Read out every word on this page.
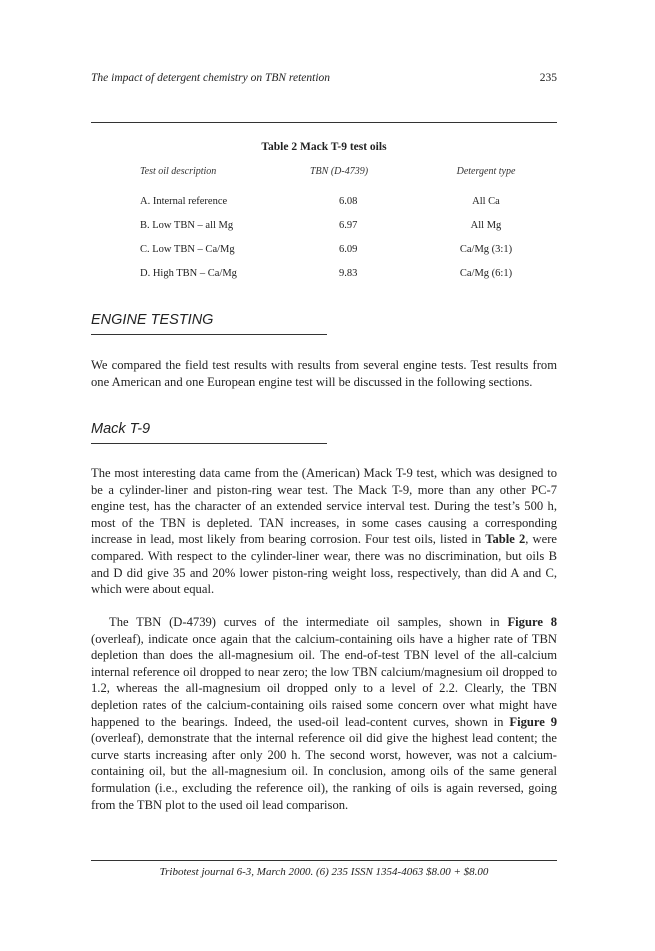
The impact of detergent chemistry on TBN retention	235
Table 2 Mack T-9 test oils
Test oil description	TBN (D-4739)	Detergent type
A. Internal reference	6.08	All Ca
B. Low TBN – all Mg	6.97	All Mg
C. Low TBN – Ca/Mg	6.09	Ca/Mg (3:1)
D. High TBN – Ca/Mg	9.83	Ca/Mg (6:1)
ENGINE TESTING

We compared the field test results with results from several engine tests. Test results from one American and one European engine test will be discussed in the following sections.

Mack T-9

The most interesting data came from the (American) Mack T-9 test, which was designed to be a cylinder-liner and piston-ring wear test. The Mack T-9, more than any other PC-7 engine test, has the character of an extended service interval test. During the test’s 500 h, most of the TBN is depleted. TAN increases, in some cases causing a corresponding increase in lead, most likely from bearing corrosion. Four test oils, listed in Table 2, were compared. With respect to the cylinder-liner wear, there was no discrimination, but oils B and D did give 35 and 20% lower piston-ring weight loss, respectively, than did A and C, which were about equal.

The TBN (D-4739) curves of the intermediate oil samples, shown in Figure 8 (overleaf), indicate once again that the calcium-containing oils have a higher rate of TBN depletion than does the all-magnesium oil. The end-of-test TBN level of the all-calcium internal reference oil dropped to near zero; the low TBN calcium/magnesium oil dropped to 1.2, whereas the all-magnesium oil dropped only to a level of 2.2. Clearly, the TBN depletion rates of the calcium-containing oils raised some concern over what might have happened to the bearings. Indeed, the used-oil lead-content curves, shown in Figure 9 (overleaf), demonstrate that the internal reference oil did give the highest lead content; the curve starts increasing after only 200 h. The second worst, however, was not a calcium-containing oil, but the all-magnesium oil. In conclusion, among oils of the same general formulation (i.e., excluding the reference oil), the ranking of oils is again reversed, going from the TBN plot to the used oil lead comparison.

Tribotest journal 6-3, March 2000. (6) 235 ISSN 1354-4063 $8.00 + $8.00
